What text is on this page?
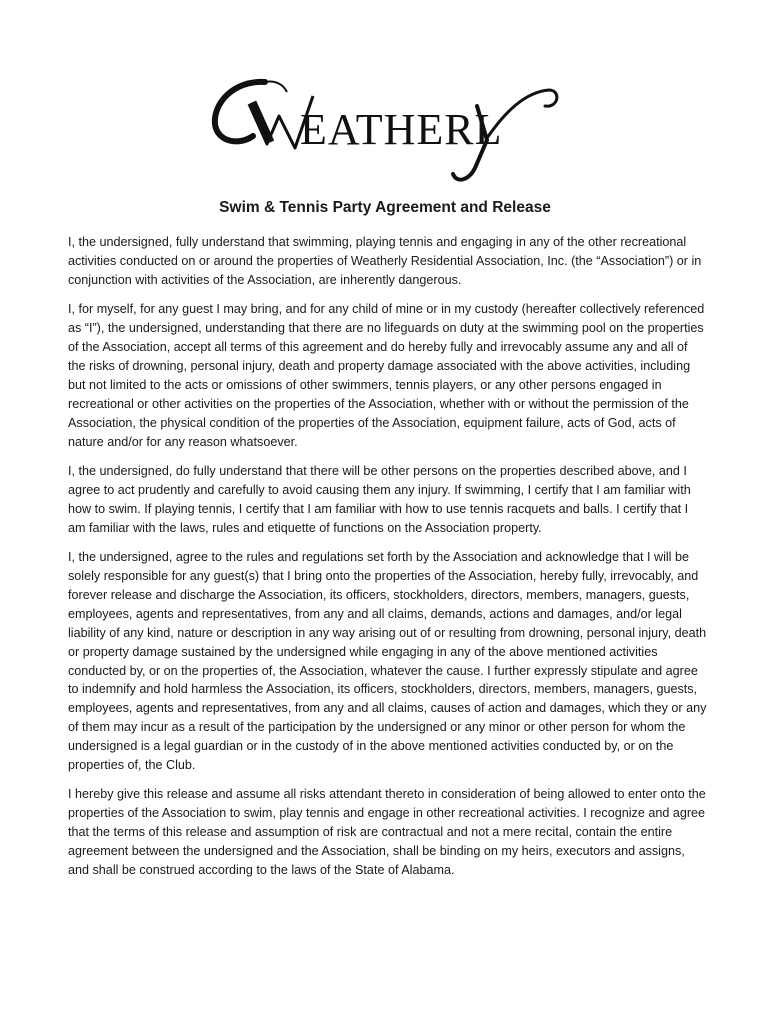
EATHERL
Swim & Tennis Party Agreement and Release

I, the undersigned, fully understand that swimming, playing tennis and engaging in any of the other recreational activities conducted on or around the properties of Weatherly Residential Association, Inc. (the “Association”) or in conjunction with activities of the Association, are inherently dangerous.

I, for myself, for any guest I may bring, and for any child of mine or in my custody (hereafter collectively referenced as “I”), the undersigned, understanding that there are no lifeguards on duty at the swimming pool on the properties of the Association, accept all terms of this agreement and do hereby fully and irrevocably assume any and all of the risks of drowning, personal injury, death and property damage associated with the above activities, including but not limited to the acts or omissions of other swimmers, tennis players, or any other persons engaged in recreational or other activities on the properties of the Association, whether with or without the permission of the Association, the physical condition of the properties of the Association, equipment failure, acts of God, acts of nature and/or for any reason whatsoever.

I, the undersigned, do fully understand that there will be other persons on the properties described above, and I agree to act prudently and carefully to avoid causing them any injury. If swimming, I certify that I am familiar with how to swim. If playing tennis, I certify that I am familiar with how to use tennis racquets and balls. I certify that I am familiar with the laws, rules and etiquette of functions on the Association property.

I, the undersigned, agree to the rules and regulations set forth by the Association and acknowledge that I will be solely responsible for any guest(s) that I bring onto the properties of the Association, hereby fully, irrevocably, and forever release and discharge the Association, its officers, stockholders, directors, members, managers, guests, employees, agents and representatives, from any and all claims, demands, actions and damages, and/or legal liability of any kind, nature or description in any way arising out of or resulting from drowning, personal injury, death or property damage sustained by the undersigned while engaging in any of the above mentioned activities conducted by, or on the properties of, the Association, whatever the cause. I further expressly stipulate and agree to indemnify and hold harmless the Association, its officers, stockholders, directors, members, managers, guests, employees, agents and representatives, from any and all claims, causes of action and damages, which they or any of them may incur as a result of the participation by the undersigned or any minor or other person for whom the undersigned is a legal guardian or in the custody of in the above mentioned activities conducted by, or on the properties of, the Club.

I hereby give this release and assume all risks attendant thereto in consideration of being allowed to enter onto the properties of the Association to swim, play tennis and engage in other recreational activities. I recognize and agree that the terms of this release and assumption of risk are contractual and not a mere recital, contain the entire agreement between the undersigned and the Association, shall be binding on my heirs, executors and assigns, and shall be construed according to the laws of the State of Alabama.
